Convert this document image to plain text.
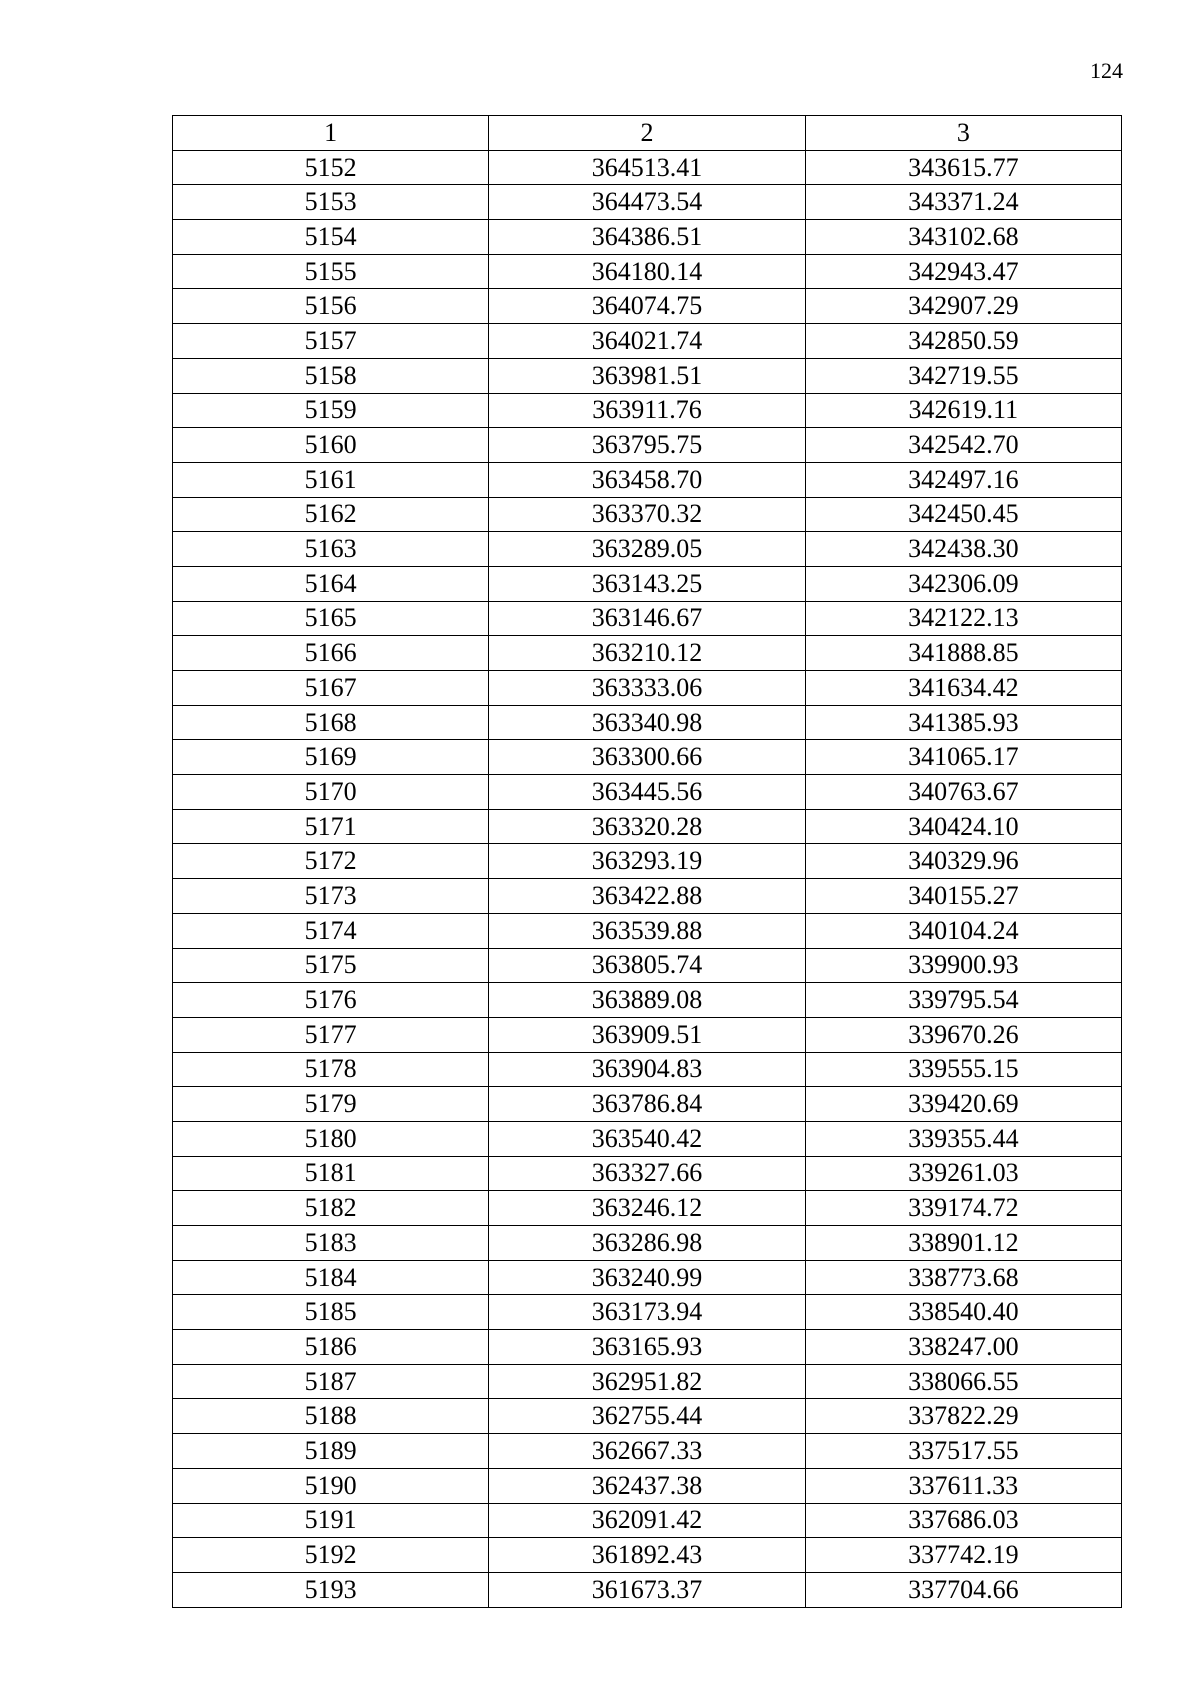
124
1	2	3
5152	364513.41	343615.77
5153	364473.54	343371.24
5154	364386.51	343102.68
5155	364180.14	342943.47
5156	364074.75	342907.29
5157	364021.74	342850.59
5158	363981.51	342719.55
5159	363911.76	342619.11
5160	363795.75	342542.70
5161	363458.70	342497.16
5162	363370.32	342450.45
5163	363289.05	342438.30
5164	363143.25	342306.09
5165	363146.67	342122.13
5166	363210.12	341888.85
5167	363333.06	341634.42
5168	363340.98	341385.93
5169	363300.66	341065.17
5170	363445.56	340763.67
5171	363320.28	340424.10
5172	363293.19	340329.96
5173	363422.88	340155.27
5174	363539.88	340104.24
5175	363805.74	339900.93
5176	363889.08	339795.54
5177	363909.51	339670.26
5178	363904.83	339555.15
5179	363786.84	339420.69
5180	363540.42	339355.44
5181	363327.66	339261.03
5182	363246.12	339174.72
5183	363286.98	338901.12
5184	363240.99	338773.68
5185	363173.94	338540.40
5186	363165.93	338247.00
5187	362951.82	338066.55
5188	362755.44	337822.29
5189	362667.33	337517.55
5190	362437.38	337611.33
5191	362091.42	337686.03
5192	361892.43	337742.19
5193	361673.37	337704.66
